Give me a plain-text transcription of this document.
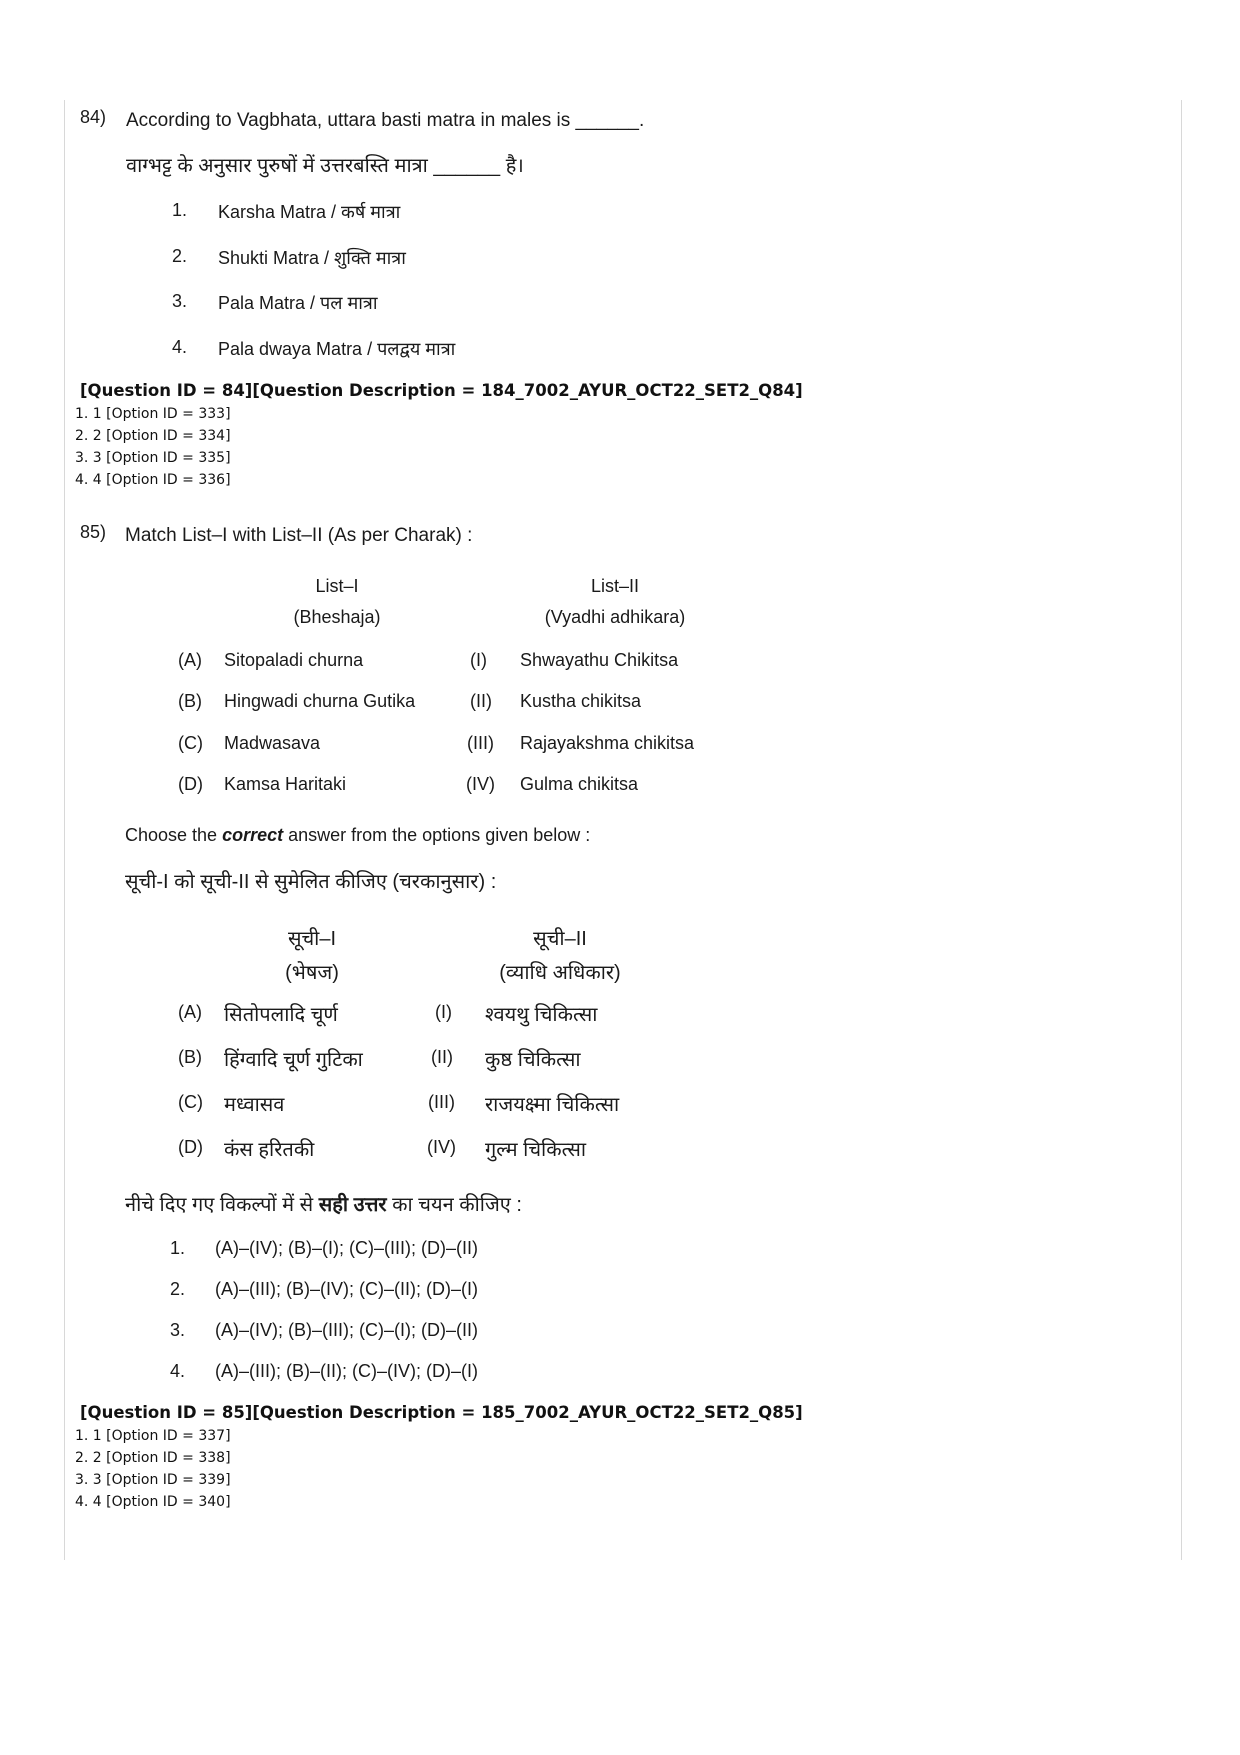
84) According to Vagbhata, uttara basti matra in males is ______.
वाग्भट्ट के अनुसार पुरुषों में उत्तरबस्ति मात्रा ______ है।
1. Karsha Matra / कर्ष मात्रा
2. Shukti Matra / शुक्ति मात्रा
3. Pala Matra / पल मात्रा
4. Pala dwaya Matra / पलद्वय मात्रा
[Question ID = 84][Question Description = 184_7002_AYUR_OCT22_SET2_Q84]
1. 1 [Option ID = 333]
2. 2 [Option ID = 334]
3. 3 [Option ID = 335]
4. 4 [Option ID = 336]
85) Match List–I with List–II (As per Charak) :
List–I
(Bheshaja)
List–II
(Vyadhi adhikara)
(A) Sitopaladi churna	(I) Shwayathu Chikitsa
(B) Hingwadi churna Gutika	(II) Kustha chikitsa
(C) Madwasava	(III) Rajayakshma chikitsa
(D) Kamsa Haritaki	(IV) Gulma chikitsa
Choose the correct answer from the options given below :
सूची-I को सूची-II से सुमेलित कीजिए (चरकानुसार) :
सूची–I
(भेषज)
सूची–II
(व्याधि अधिकार)
(A) सितोपलादि चूर्ण	(I) श्वयथु चिकित्सा
(B) हिंग्वादि चूर्ण गुटिका	(II) कुष्ठ चिकित्सा
(C) मध्वासव	(III) राजयक्ष्मा चिकित्सा
(D) कंस हरितकी	(IV) गुल्म चिकित्सा
नीचे दिए गए विकल्पों में से सही उत्तर का चयन कीजिए :
1. (A)–(IV); (B)–(I); (C)–(III); (D)–(II)
2. (A)–(III); (B)–(IV); (C)–(II); (D)–(I)
3. (A)–(IV); (B)–(III); (C)–(I); (D)–(II)
4. (A)–(III); (B)–(II); (C)–(IV); (D)–(I)
[Question ID = 85][Question Description = 185_7002_AYUR_OCT22_SET2_Q85]
1. 1 [Option ID = 337]
2. 2 [Option ID = 338]
3. 3 [Option ID = 339]
4. 4 [Option ID = 340]
